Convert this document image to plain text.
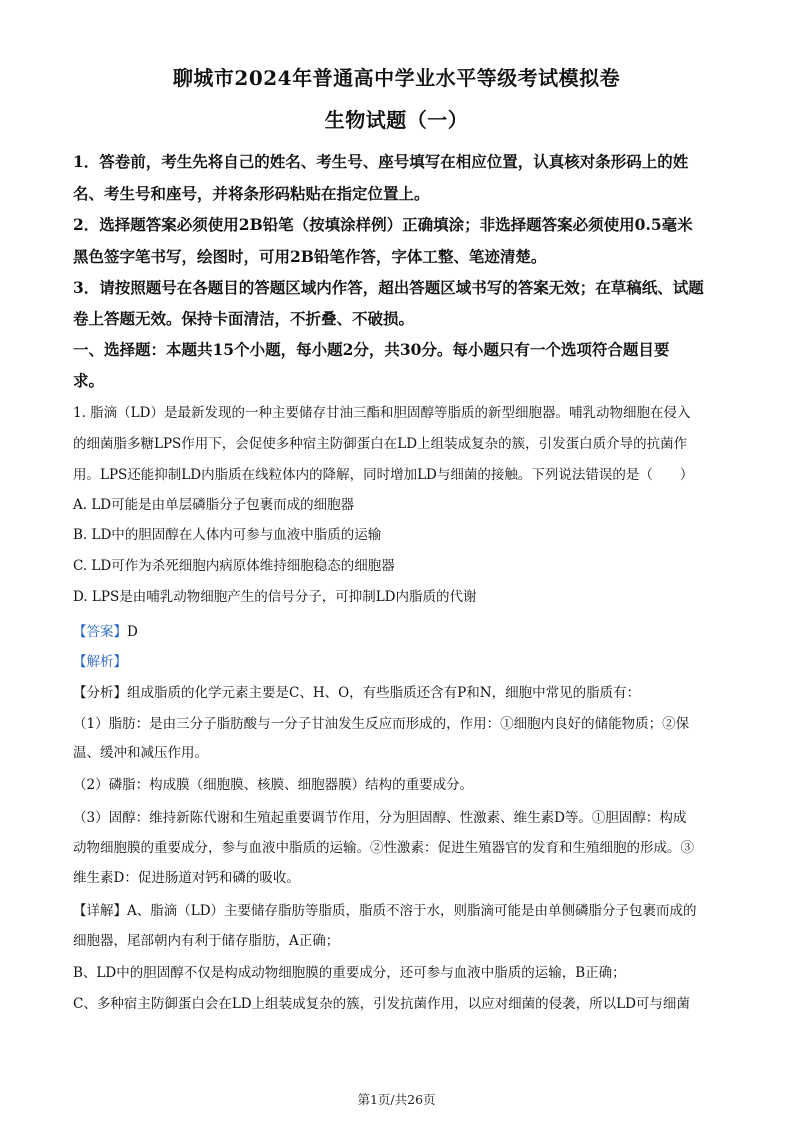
聊城市2024年普通高中学业水平等级考试模拟卷
生物试题（一）
1．答卷前，考生先将自己的姓名、考生号、座号填写在相应位置，认真核对条形码上的姓
名、考生号和座号，并将条形码粘贴在指定位置上。
2．选择题答案必须使用2B铅笔（按填涂样例）正确填涂；非选择题答案必须使用0.5毫米
黑色签字笔书写，绘图时，可用2B铅笔作答，字体工整、笔迹清楚。
3．请按照题号在各题目的答题区域内作答，超出答题区域书写的答案无效；在草稿纸、试题
卷上答题无效。保持卡面清洁，不折叠、不破损。
一、选择题：本题共15个小题，每小题2分，共30分。每小题只有一个选项符合题目要
求。
1. 脂滴（LD）是最新发现的一种主要储存甘油三酯和胆固醇等脂质的新型细胞器。哺乳动物细胞在侵入
的细菌脂多糖LPS作用下，会促使多种宿主防御蛋白在LD上组装成复杂的簇，引发蛋白质介导的抗菌作
用。LPS还能抑制LD内脂质在线粒体内的降解，同时增加LD与细菌的接触。下列说法错误的是（　　）
A. LD可能是由单层磷脂分子包裹而成的细胞器
B. LD中的胆固醇在人体内可参与血液中脂质的运输
C. LD可作为杀死细胞内病原体维持细胞稳态的细胞器
D. LPS是由哺乳动物细胞产生的信号分子，可抑制LD内脂质的代谢
【答案】D
【解析】
【分析】组成脂质的化学元素主要是C、H、O，有些脂质还含有P和N，细胞中常见的脂质有：
（1）脂肪：是由三分子脂肪酸与一分子甘油发生反应而形成的，作用：①细胞内良好的储能物质；②保
温、缓冲和减压作用。
（2）磷脂：构成膜（细胞膜、核膜、细胞器膜）结构的重要成分。
（3）固醇：维持新陈代谢和生殖起重要调节作用，分为胆固醇、性激素、维生素D等。①胆固醇：构成
动物细胞膜的重要成分，参与血液中脂质的运输。②性激素：促进生殖器官的发育和生殖细胞的形成。③
维生素D：促进肠道对钙和磷的吸收。
【详解】A、脂滴（LD）主要储存脂肪等脂质，脂质不溶于水，则脂滴可能是由单侧磷脂分子包裹而成的
细胞器，尾部朝内有利于储存脂肪，A正确；
B、LD中的胆固醇不仅是构成动物细胞膜的重要成分，还可参与血液中脂质的运输，B正确；
C、多种宿主防御蛋白会在LD上组装成复杂的簇，引发抗菌作用，以应对细菌的侵袭，所以LD可与细菌
第1页/共26页
